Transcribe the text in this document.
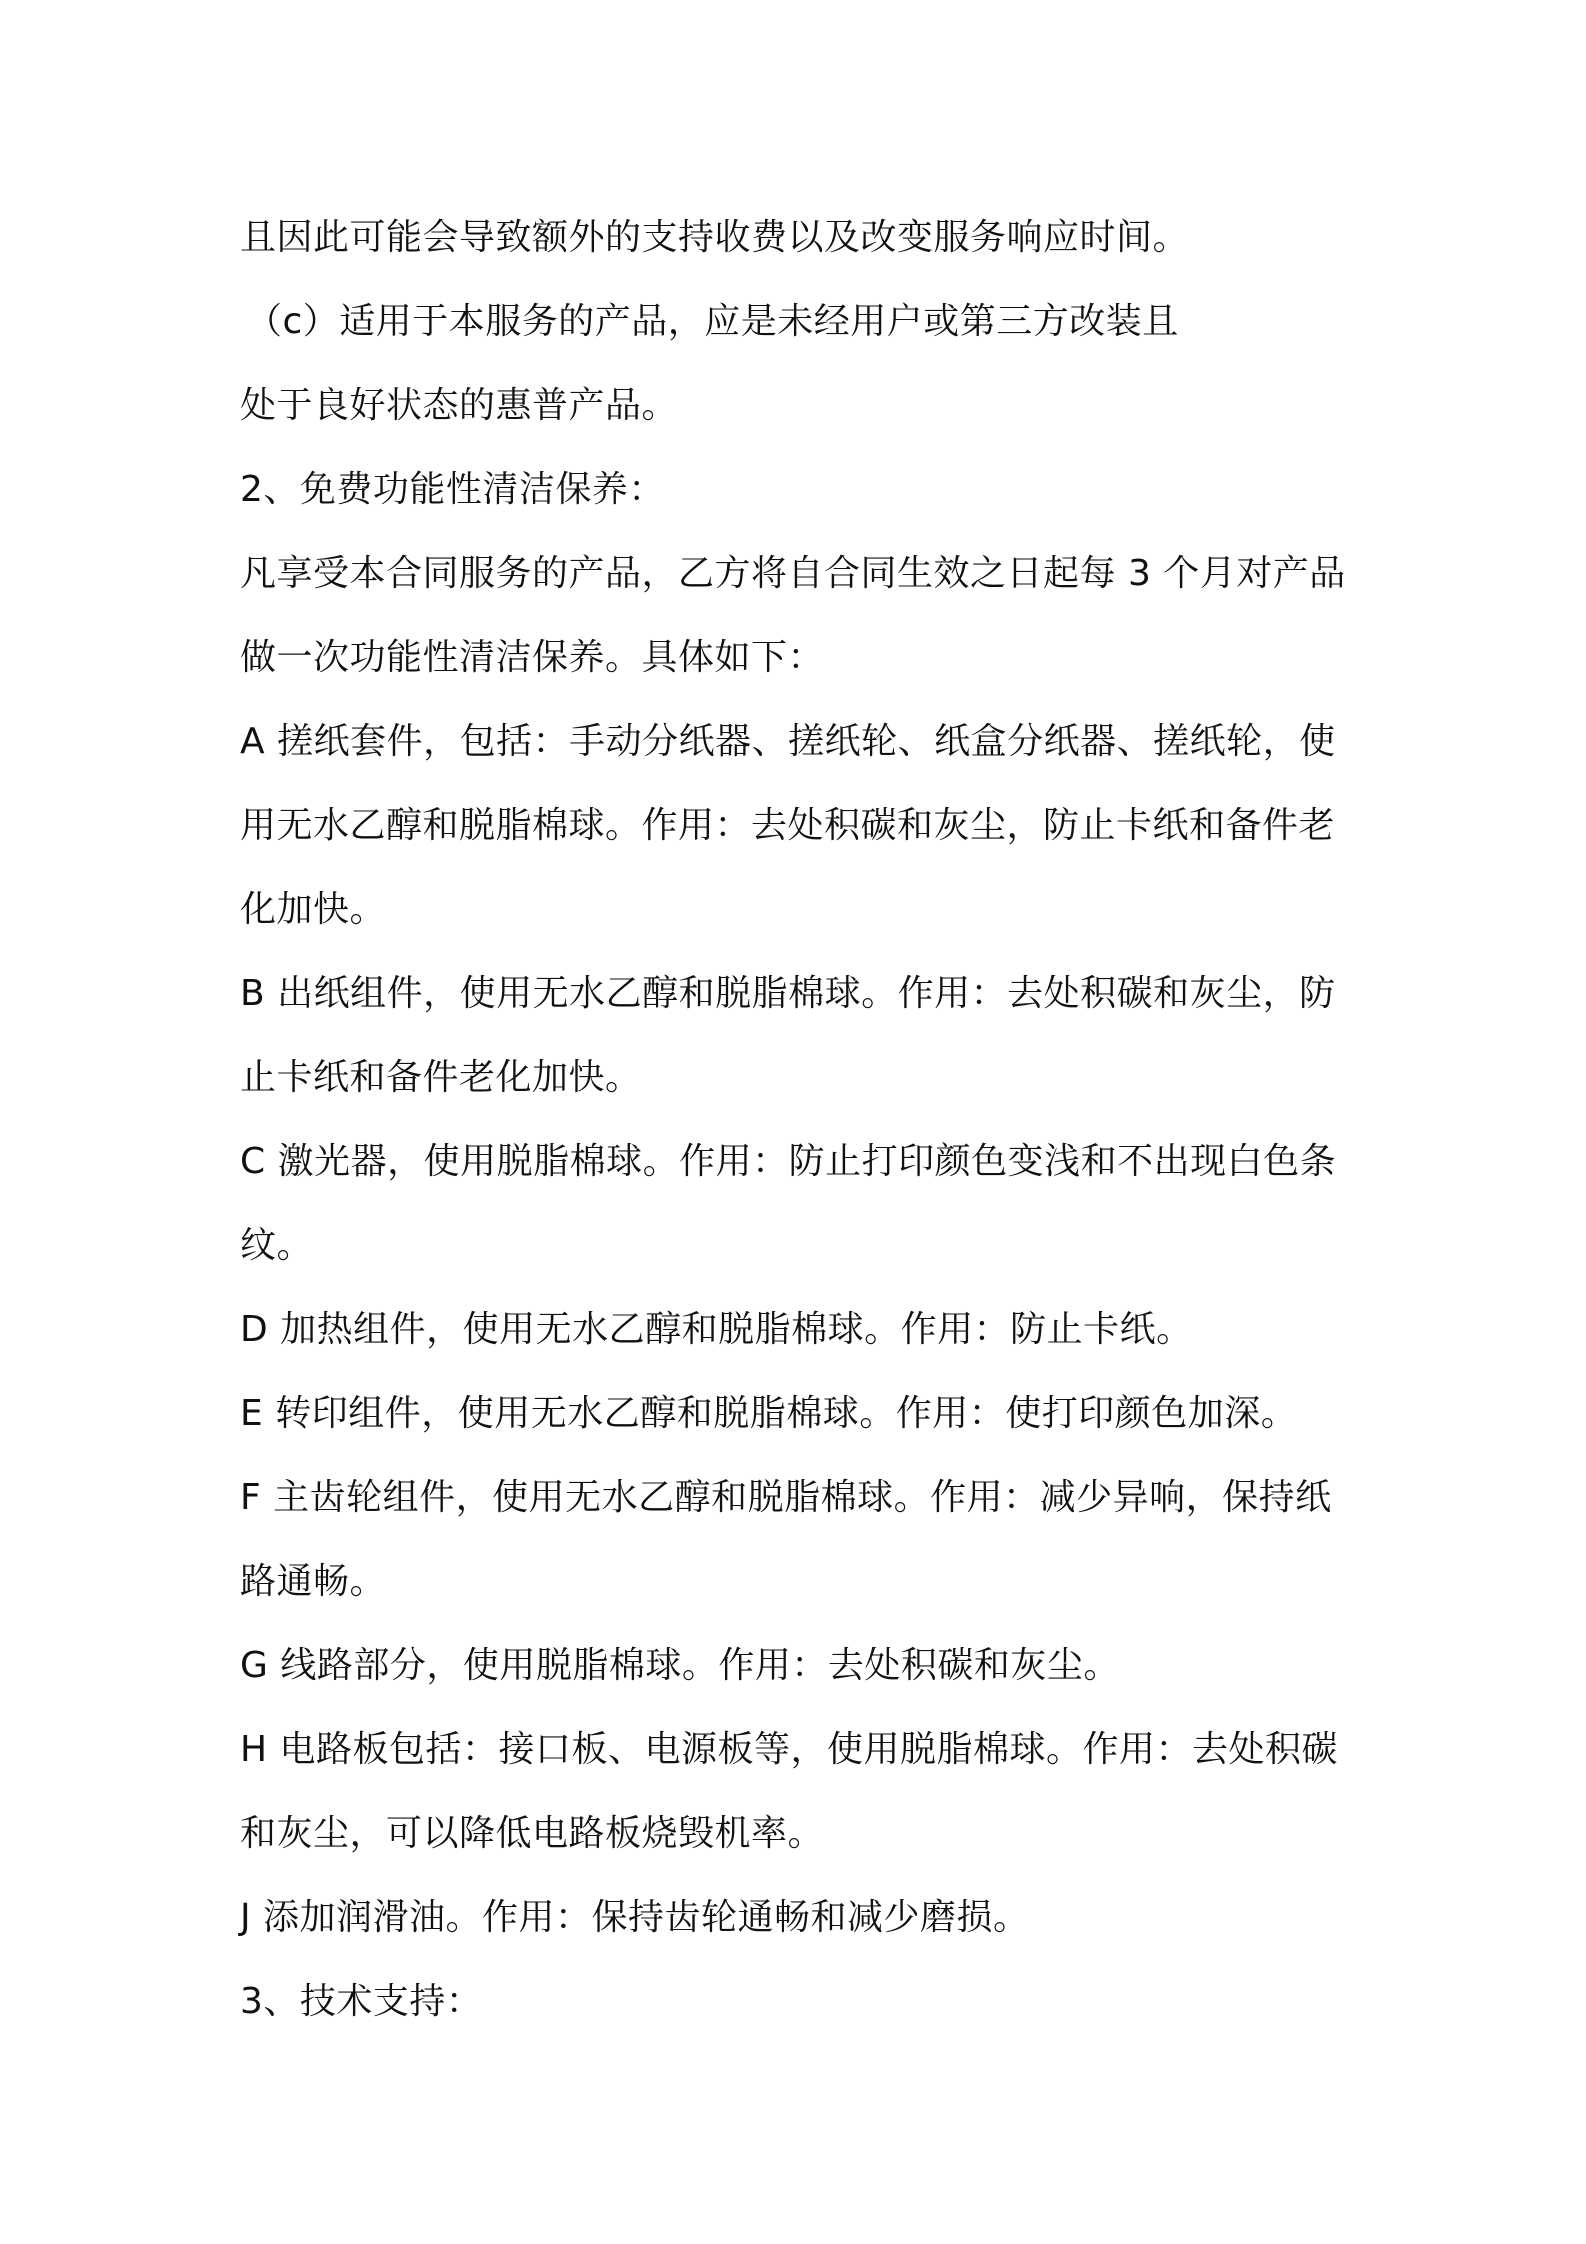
且因此可能会导致额外的支持收费以及改变服务响应时间。
（c）适用于本服务的产品，应是未经用户或第三方改装且
处于良好状态的惠普产品。
2、免费功能性清洁保养：
凡享受本合同服务的产品，乙方将自合同生效之日起每 3 个月对产品
做一次功能性清洁保养。具体如下：
A 搓纸套件，包括：手动分纸器、搓纸轮、纸盒分纸器、搓纸轮，使
用无水乙醇和脱脂棉球。作用：去处积碳和灰尘，防止卡纸和备件老
化加快。
B 出纸组件，使用无水乙醇和脱脂棉球。作用：去处积碳和灰尘，防
止卡纸和备件老化加快。
C 激光器，使用脱脂棉球。作用：防止打印颜色变浅和不出现白色条
纹。
D 加热组件，使用无水乙醇和脱脂棉球。作用：防止卡纸。
E 转印组件，使用无水乙醇和脱脂棉球。作用：使打印颜色加深。
F 主齿轮组件，使用无水乙醇和脱脂棉球。作用：减少异响，保持纸
路通畅。
G 线路部分，使用脱脂棉球。作用：去处积碳和灰尘。
H 电路板包括：接口板、电源板等，使用脱脂棉球。作用：去处积碳
和灰尘，可以降低电路板烧毁机率。
J 添加润滑油。作用：保持齿轮通畅和减少磨损。
3、技术支持：
